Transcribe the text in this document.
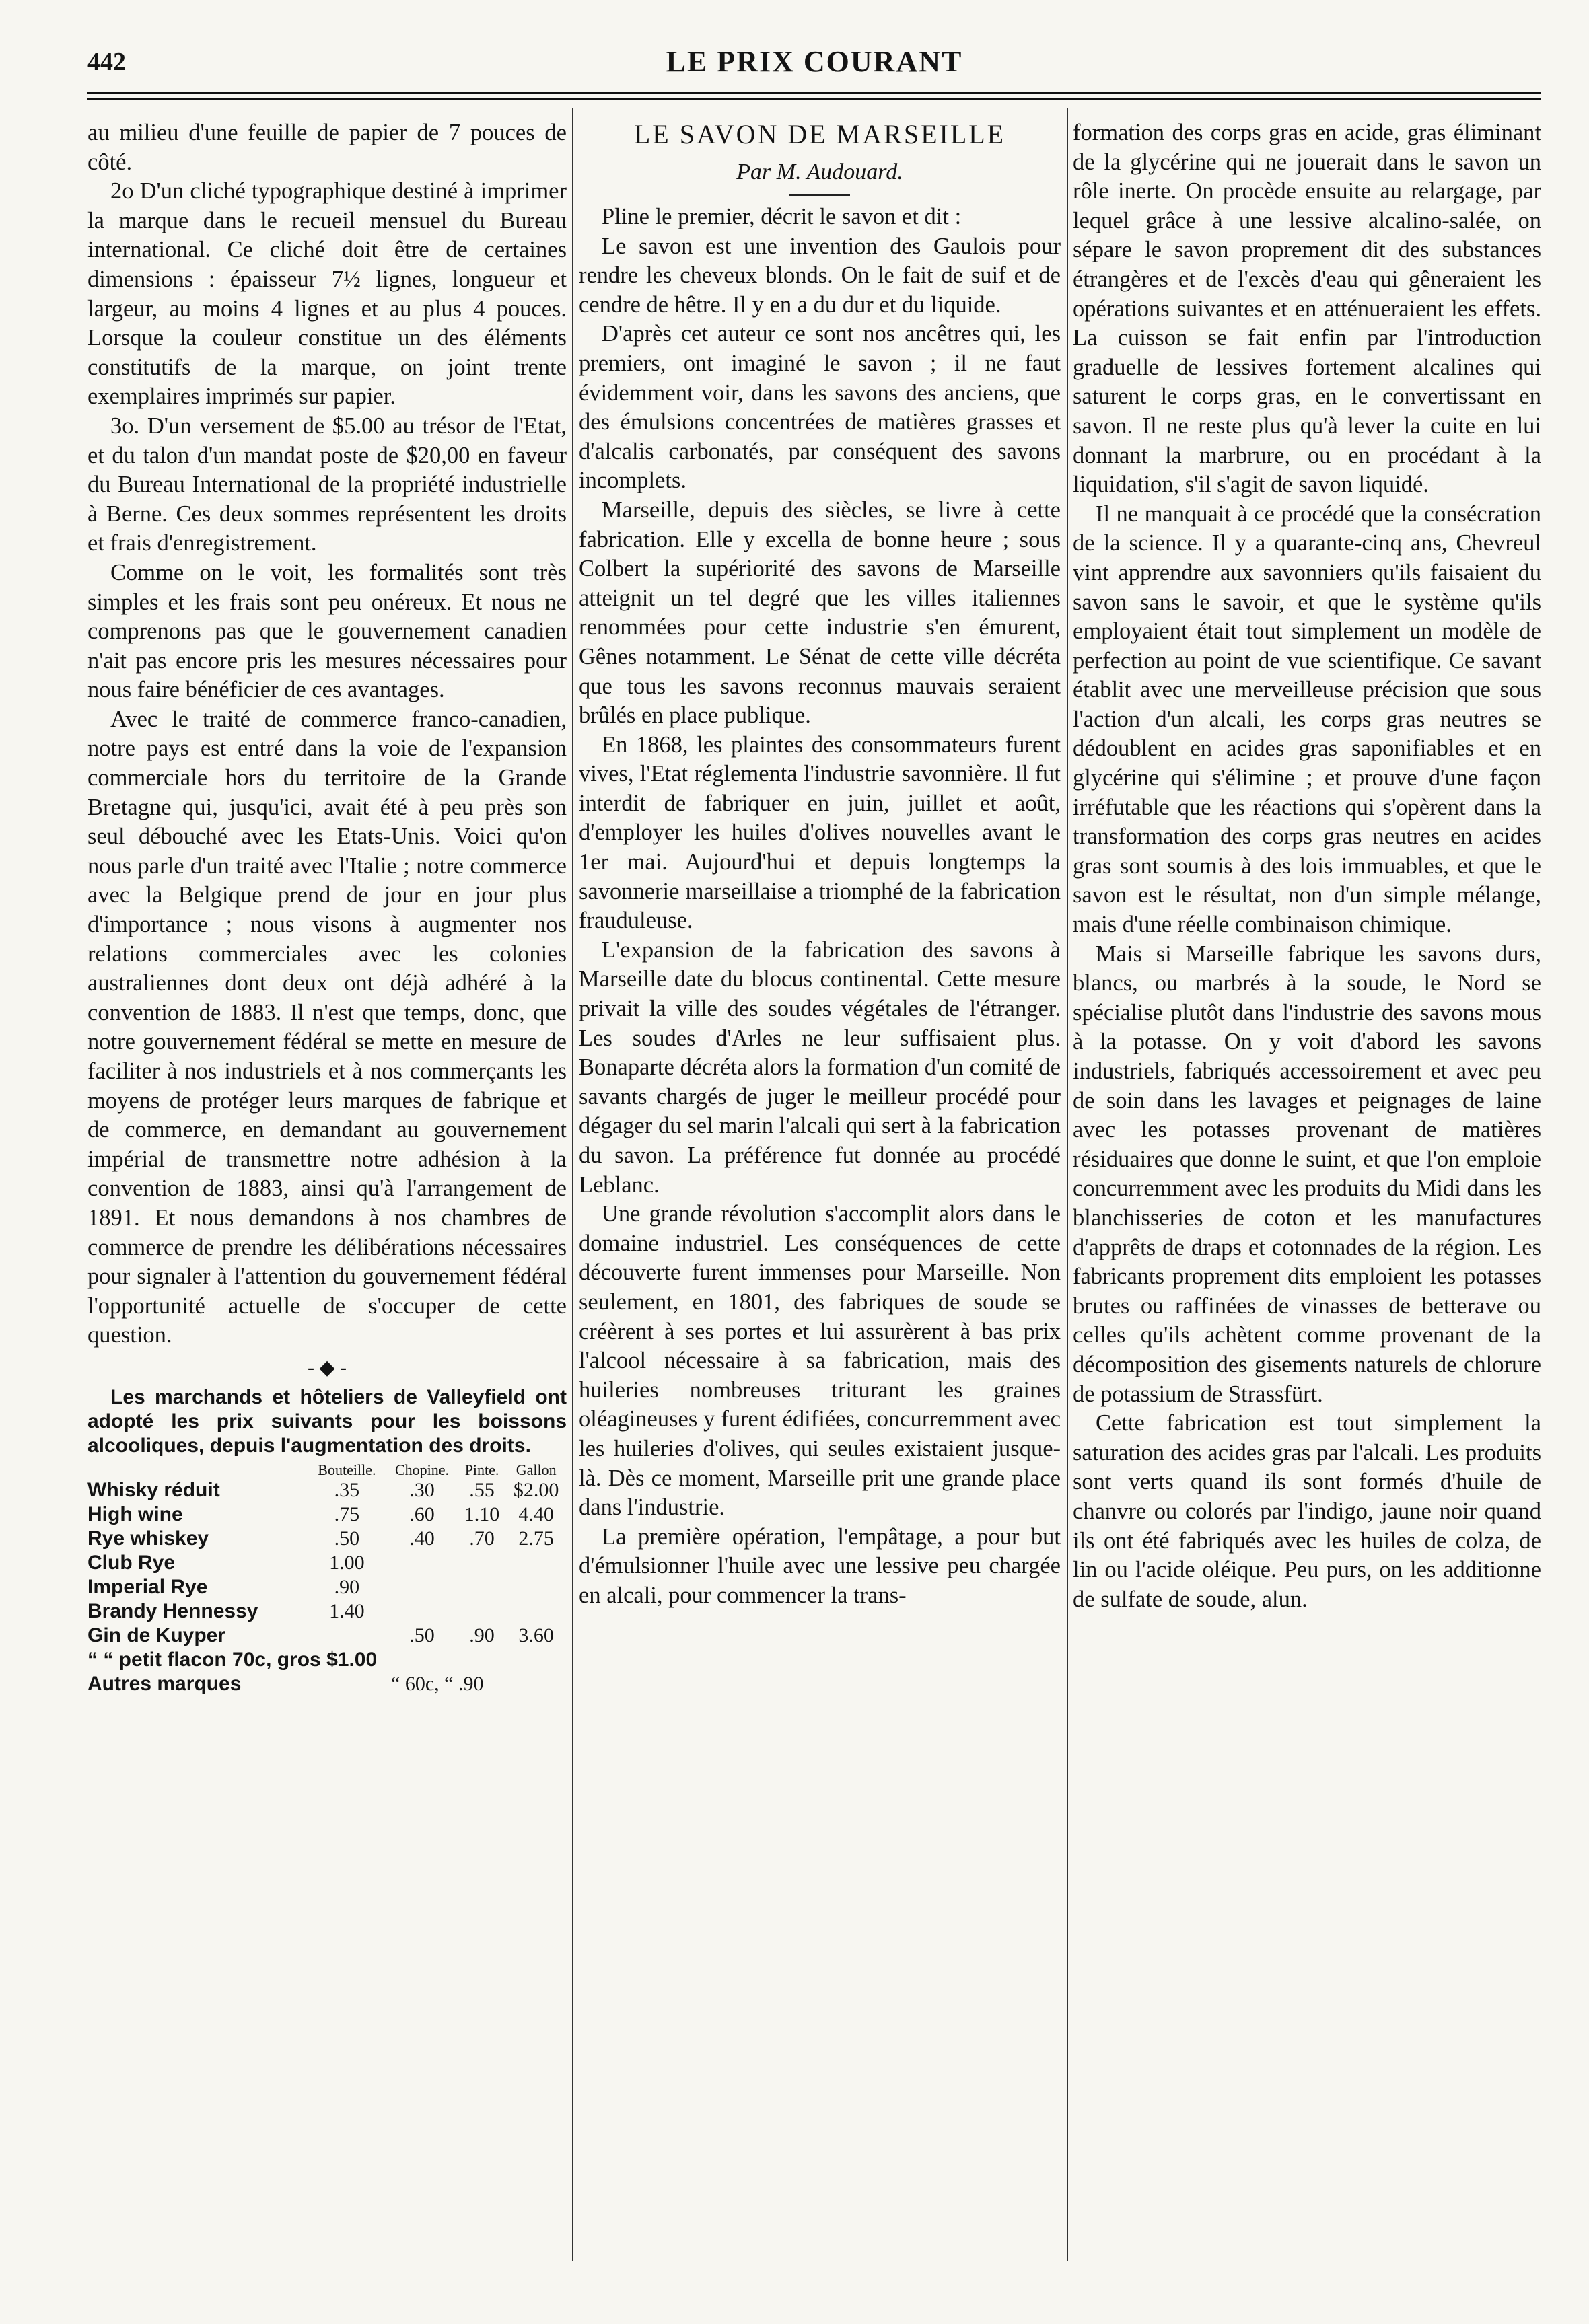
442	LE PRIX COURANT

au milieu d'une feuille de papier de 7 pouces de côté.

2o D'un cliché typographique destiné à imprimer la marque dans le recueil mensuel du Bureau international. Ce cliché doit être de certaines dimensions : épaisseur 7½ lignes, longueur et largeur, au moins 4 lignes et au plus 4 pouces. Lorsque la couleur constitue un des éléments constitutifs de la marque, on joint trente exemplaires imprimés sur papier.

3o. D'un versement de $5.00 au trésor de l'Etat, et du talon d'un mandat poste de $20,00 en faveur du Bureau International de la propriété industrielle à Berne. Ces deux sommes représentent les droits et frais d'enregistrement.

Comme on le voit, les formalités sont très simples et les frais sont peu onéreux. Et nous ne comprenons pas que le gouvernement canadien n'ait pas encore pris les mesures nécessaires pour nous faire bénéficier de ces avantages.

Avec le traité de commerce franco-canadien, notre pays est entré dans la voie de l'expansion commerciale hors du territoire de la Grande Bretagne qui, jusqu'ici, avait été à peu près son seul débouché avec les Etats-Unis. Voici qu'on nous parle d'un traité avec l'Italie ; notre commerce avec la Belgique prend de jour en jour plus d'importance ; nous visons à augmenter nos relations commerciales avec les colonies australiennes dont deux ont déjà adhéré à la convention de 1883. Il n'est que temps, donc, que notre gouvernement fédéral se mette en mesure de faciliter à nos industriels et à nos commerçants les moyens de protéger leurs marques de fabrique et de commerce, en demandant au gouvernement impérial de transmettre notre adhésion à la convention de 1883, ainsi qu'à l'arrangement de 1891. Et nous demandons à nos chambres de commerce de prendre les délibérations nécessaires pour signaler à l'attention du gouvernement fédéral l'opportunité actuelle de s'occuper de cette question.

- ◆ -

Les marchands et hôteliers de Valleyfield ont adopté les prix suivants pour les boissons alcooliques, depuis l'augmentation des droits.

	Bouteille.	Chopine.	Pinte.	Gallon
Whisky réduit	.35	.30	.55	$2.00
High wine	.75	.60	1.10	4.40
Rye whiskey	.50	.40	.70	2.75
Club Rye	1.00			
Imperial Rye	.90			
Brandy Hennessy	1.40			
Gin de Kuyper		.50	.90	3.60
“ “ petit flacon 70c, gros $1.00				
Autres marques	“ 60c, “ .90			
LE SAVON DE MARSEILLE
Par M. Audouard.

Pline le premier, décrit le savon et dit :

Le savon est une invention des Gaulois pour rendre les cheveux blonds. On le fait de suif et de cendre de hêtre. Il y en a du dur et du liquide.

D'après cet auteur ce sont nos ancêtres qui, les premiers, ont imaginé le savon ; il ne faut évidemment voir, dans les savons des anciens, que des émulsions concentrées de matières grasses et d'alcalis carbonatés, par conséquent des savons incomplets.

Marseille, depuis des siècles, se livre à cette fabrication. Elle y excella de bonne heure ; sous Colbert la supériorité des savons de Marseille atteignit un tel degré que les villes italiennes renommées pour cette industrie s'en émurent, Gênes notamment. Le Sénat de cette ville décréta que tous les savons reconnus mauvais seraient brûlés en place publique.

En 1868, les plaintes des consommateurs furent vives, l'Etat réglementa l'industrie savonnière. Il fut interdit de fabriquer en juin, juillet et août, d'employer les huiles d'olives nouvelles avant le 1er mai. Aujourd'hui et depuis longtemps la savonnerie marseillaise a triomphé de la fabrication frauduleuse.

L'expansion de la fabrication des savons à Marseille date du blocus continental. Cette mesure privait la ville des soudes végétales de l'étranger. Les soudes d'Arles ne leur suffisaient plus. Bonaparte décréta alors la formation d'un comité de savants chargés de juger le meilleur procédé pour dégager du sel marin l'alcali qui sert à la fabrication du savon. La préférence fut donnée au procédé Leblanc.

Une grande révolution s'accomplit alors dans le domaine industriel. Les conséquences de cette découverte furent immenses pour Marseille. Non seulement, en 1801, des fabriques de soude se créèrent à ses portes et lui assurèrent à bas prix l'alcool nécessaire à sa fabrication, mais des huileries nombreuses triturant les graines oléagineuses y furent édifiées, concurremment avec les huileries d'olives, qui seules existaient jusque-là. Dès ce moment, Marseille prit une grande place dans l'industrie.

La première opération, l'empâtage, a pour but d'émulsionner l'huile avec une lessive peu chargée en alcali, pour commencer la trans-

formation des corps gras en acide, gras éliminant de la glycérine qui ne jouerait dans le savon un rôle inerte. On procède ensuite au relargage, par lequel grâce à une lessive alcalino-salée, on sépare le savon proprement dit des substances étrangères et de l'excès d'eau qui gêneraient les opérations suivantes et en atténueraient les effets. La cuisson se fait enfin par l'introduction graduelle de lessives fortement alcalines qui saturent le corps gras, en le convertissant en savon. Il ne reste plus qu'à lever la cuite en lui donnant la marbrure, ou en procédant à la liquidation, s'il s'agit de savon liquidé.

Il ne manquait à ce procédé que la consécration de la science. Il y a quarante-cinq ans, Chevreul vint apprendre aux savonniers qu'ils faisaient du savon sans le savoir, et que le système qu'ils employaient était tout simplement un modèle de perfection au point de vue scientifique. Ce savant établit avec une merveilleuse précision que sous l'action d'un alcali, les corps gras neutres se dédoublent en acides gras saponifiables et en glycérine qui s'élimine ; et prouve d'une façon irréfutable que les réactions qui s'opèrent dans la transformation des corps gras neutres en acides gras sont soumis à des lois immuables, et que le savon est le résultat, non d'un simple mélange, mais d'une réelle combinaison chimique.

Mais si Marseille fabrique les savons durs, blancs, ou marbrés à la soude, le Nord se spécialise plutôt dans l'industrie des savons mous à la potasse. On y voit d'abord les savons industriels, fabriqués accessoirement et avec peu de soin dans les lavages et peignages de laine avec les potasses provenant de matières résiduaires que donne le suint, et que l'on emploie concurremment avec les produits du Midi dans les blanchisseries de coton et les manufactures d'apprêts de draps et cotonnades de la région. Les fabricants proprement dits emploient les potasses brutes ou raffinées de vinasses de betterave ou celles qu'ils achètent comme provenant de la décomposition des gisements naturels de chlorure de potassium de Strassfürt.

Cette fabrication est tout simplement la saturation des acides gras par l'alcali. Les produits sont verts quand ils sont formés d'huile de chanvre ou colorés par l'indigo, jaune noir quand ils ont été fabriqués avec les huiles de colza, de lin ou l'acide oléique. Peu purs, on les additionne de sulfate de soude, alun.
